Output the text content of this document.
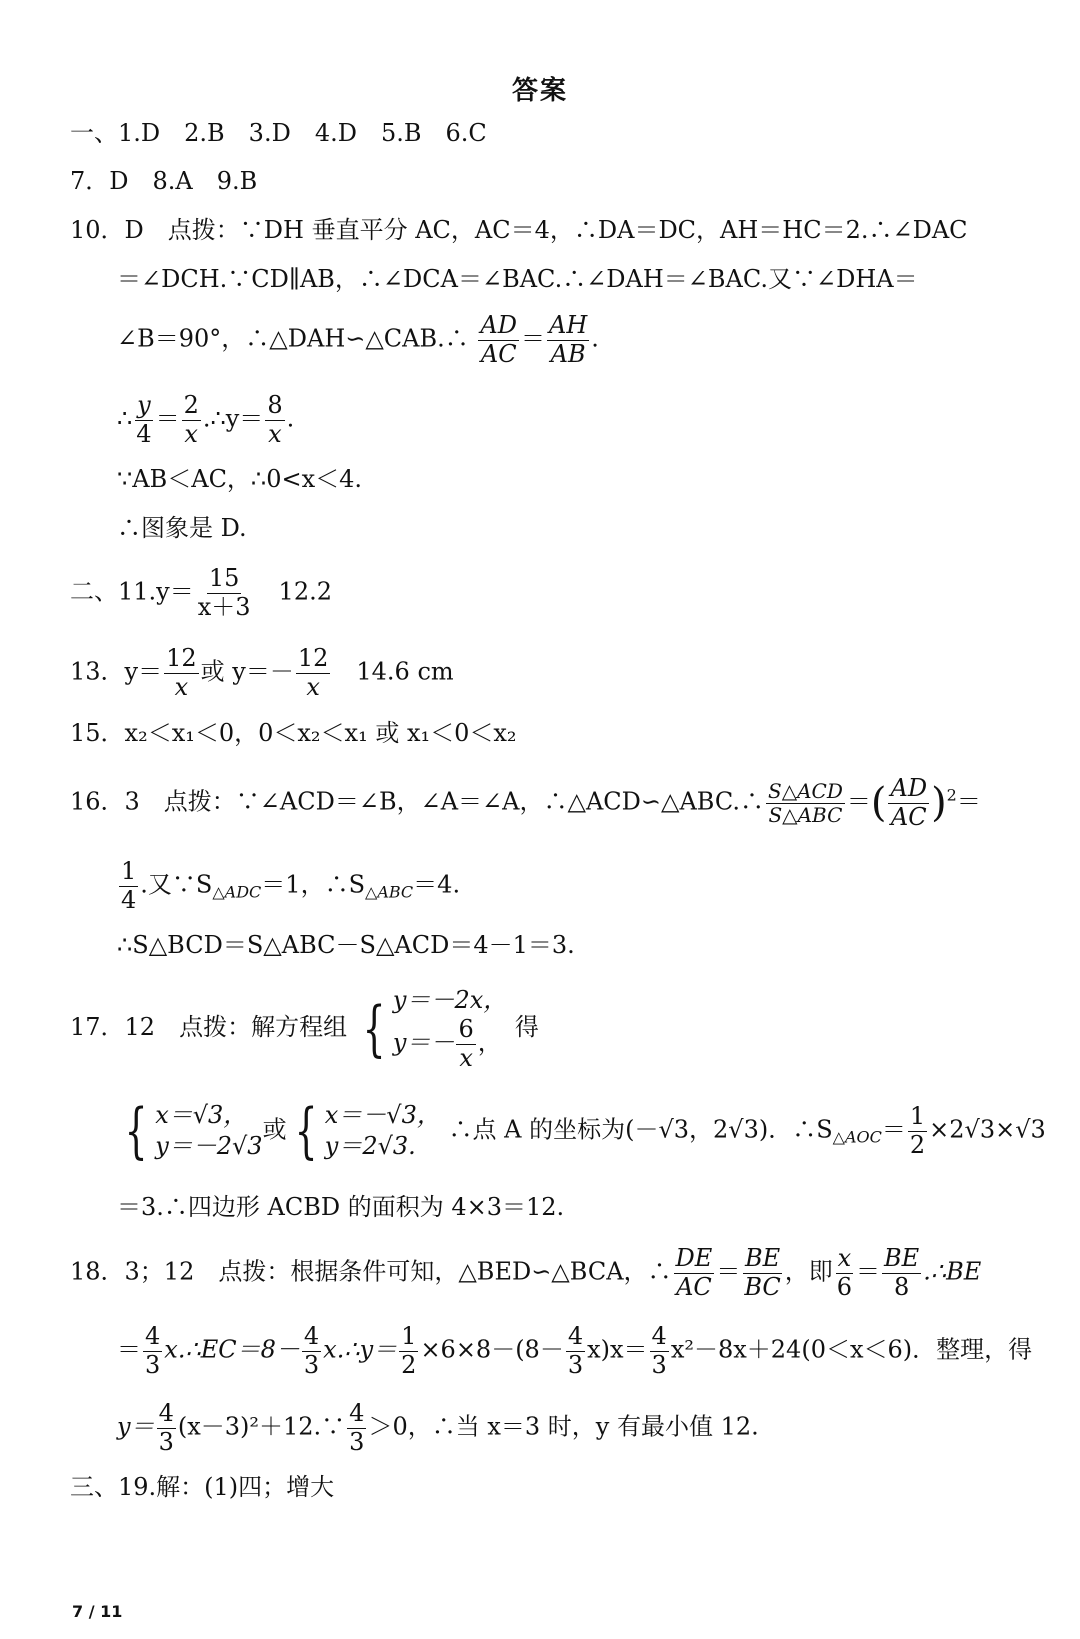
答案
一、1.D　2.B　3.D　4.D　5.B　6.C
7．D　8.A　9.B
10．D　点拨：∵DH 垂直平分 AC，AC＝4，∴DA＝DC，AH＝HC＝2.∴∠DAC
＝∠DCH.∵CD∥AB，∴∠DCA＝∠BAC.∴∠DAH＝∠BAC.又∵∠DHA＝
∠B＝90°，∴△DAH∽△CAB.∴ $\frac{AD}{AC} = \frac{AH}{AB}$ .
∴ $\frac{y}{4} = \frac{2}{x}$ .∴y＝ $\frac{8}{x}$ .
∵AB＜AC，∴0<x＜4.
∴图象是 D.
二、$11.y= \frac{15}{x+3}$ 　12.2
13．$y= \frac{12}{x}$ 或 $y=- \frac{12}{x}$ 　14.6 cm
15．x₂＜x₁＜0，0＜x₂＜x₁ 或 x₁＜0＜x₂
16．3　点拨：∵∠ACD＝∠B，∠A＝∠A，∴△ACD∽△ABC.∴ $\frac{\text{S△ACD}}{\text{S△ABC}}$ ＝( $\frac{AD}{AC} )^2=$
$\frac{1}{4}$ .又$\because S_{\triangle ADC}=1$，$\therefore S_{\triangle ABC}=4$.
∴S△BCD＝S△ABC－S△ACD＝4－1＝3.
17．12　点拨：解方程组 { y＝－2x，
$y=- \frac{6}{x}$ ，
得
{ x＝√3，
y＝－2√3
或 { x＝－√3，
y＝2√3.
∴点 A 的坐标为(－√3，2√3)．$\therefore S_{\triangle AOC}= \frac{1}{2} \times 2√3\times√3$
＝3.∴四边形 ACBD 的面积为 4×3＝12.
18．3；12　点拨：根据条件可知，△BED∽△BCA，∴ $\frac{DE}{AC} = \frac{BE}{BC}$ ，即 $\frac{x}{6} = \frac{BE}{8}$ .∴BE
＝ $\frac{4}{3}$ x.∴EC＝8－ $\frac{4}{3}$ x.∴y＝ $\frac{1}{2} \times 6\times 8-(8- \frac{4}{3} x)x= \frac{4}{3} x^2-8x+24(0<x<6)$．整理，得
$y= \frac{4}{3}$ (x－3)²＋12.∵ $\frac{4}{3} >0$，∴当 x＝3 时，y 有最小值 12.
三、19.解：(1)四；增大
7 / 11
